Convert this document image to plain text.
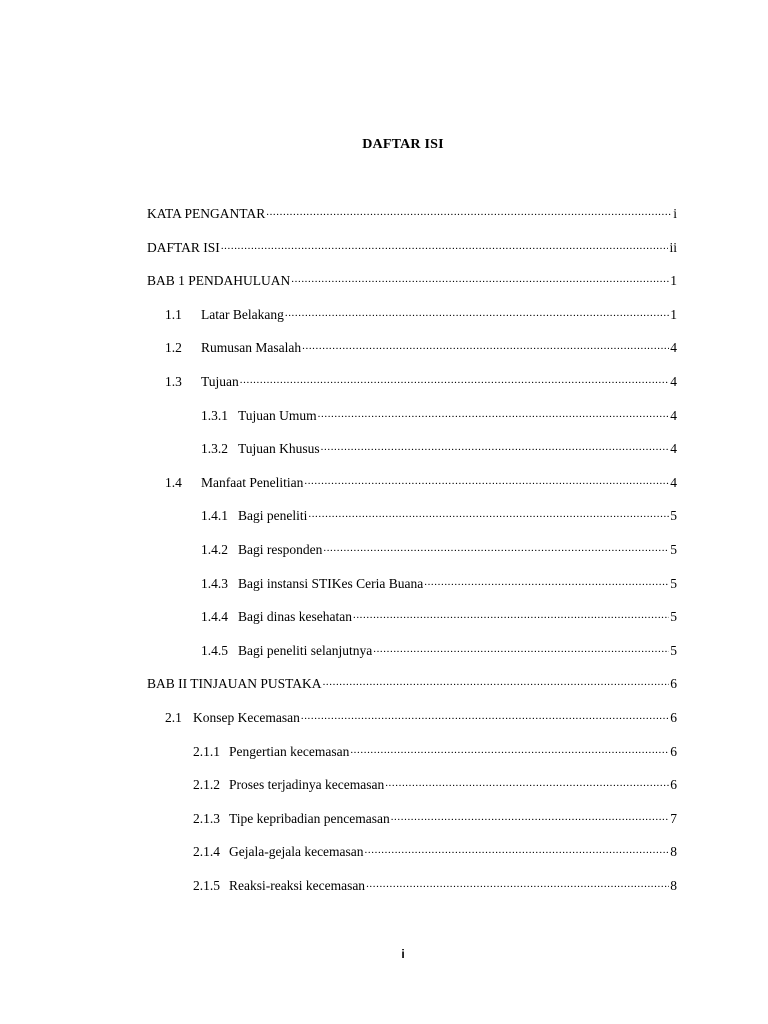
DAFTAR ISI
KATA PENGANTAR .....	i
DAFTAR ISI .....	ii
BAB 1 PENDAHULUAN .....	1
1.1	Latar Belakang .....	1
1.2	Rumusan Masalah .....	4
1.3	Tujuan .....	4
1.3.1 Tujuan Umum .....	4
1.3.2 Tujuan Khusus .....	4
1.4	Manfaat Penelitian .....	4
1.4.1 Bagi peneliti .....	5
1.4.2 Bagi responden .....	5
1.4.3 Bagi instansi STIKes Ceria Buana .....	5
1.4.4 Bagi dinas kesehatan .....	5
1.4.5 Bagi peneliti selanjutnya .....	5
BAB II TINJAUAN PUSTAKA .....	6
2.1 Konsep Kecemasan .....	6
2.1.1 Pengertian kecemasan .....	6
2.1.2 Proses terjadinya kecemasan .....	6
2.1.3 Tipe kepribadian pencemasan .....	7
2.1.4 Gejala-gejala kecemasan .....	8
2.1.5 Reaksi-reaksi kecemasan .....	8
i
